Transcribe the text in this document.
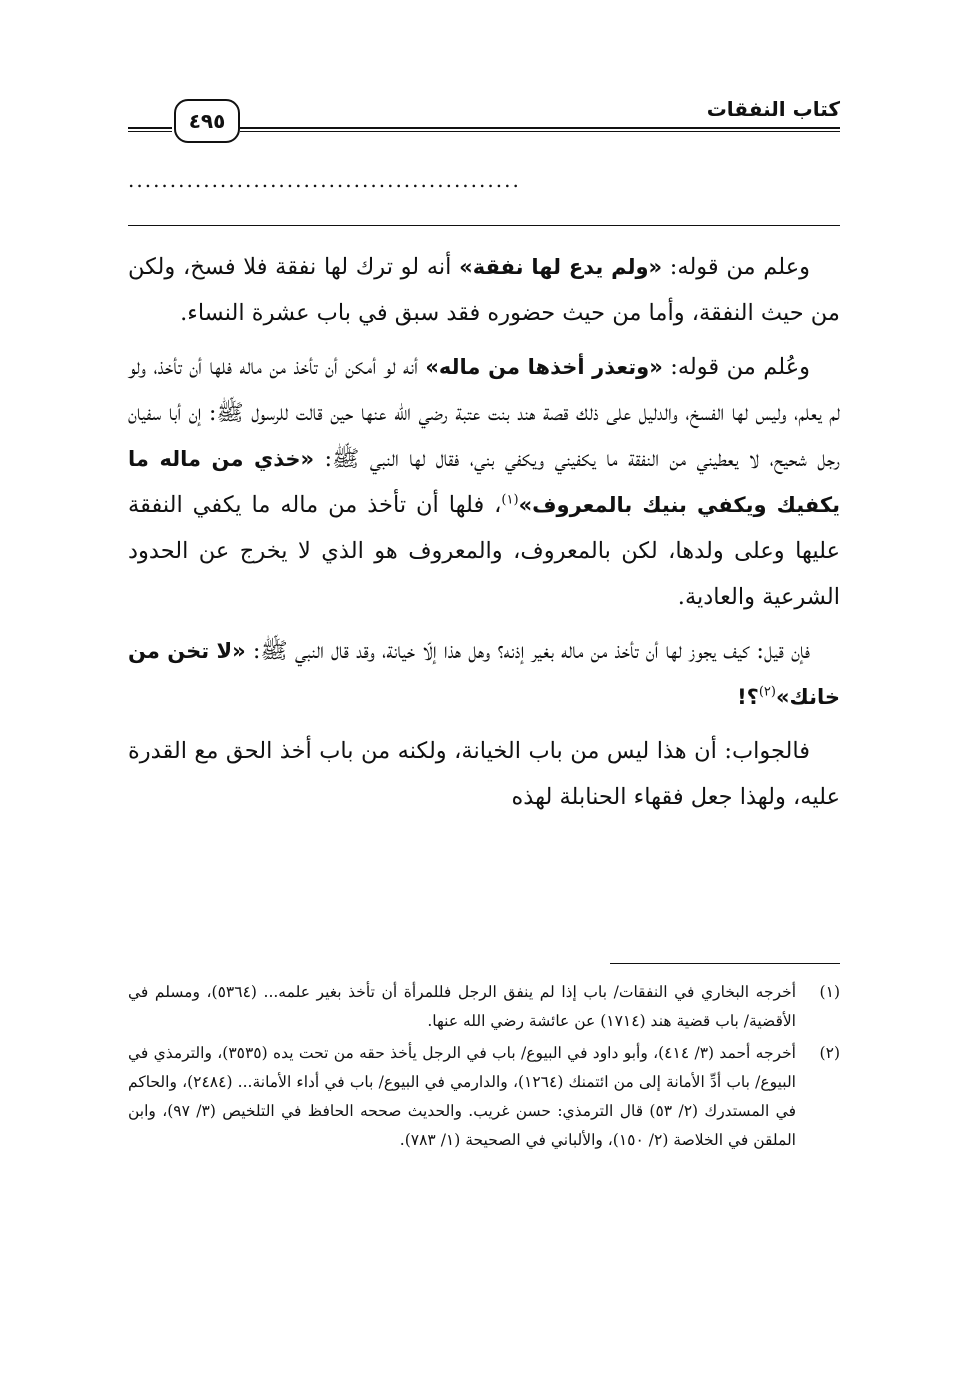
كتاب النفقات
٤٩٥
...............................................

وعلم من قوله: «ولم يدع لها نفقة» أنه لو ترك لها نفقة فلا فسخ، ولكن من حيث النفقة، وأما من حيث حضوره فقد سبق في باب عشرة النساء.

وعُلم من قوله: «وتعذر أخذها من ماله» أنه لو أمكن أن تأخذ من ماله فلها أن تأخذ، ولو لم يعلم، وليس لها الفسخ، والدليل على ذلك قصة هند بنت عتبة رضي الله عنها حين قالت للرسول ﷺ: إن أبا سفيان رجل شحيح، لا يعطيني من النفقة ما يكفيني ويكفي بني، فقال لها النبي ﷺ: «خذي من ماله ما يكفيك ويكفي بنيك بالمعروف»$^{(١)}$، فلها أن تأخذ من ماله ما يكفي النفقة عليها وعلى ولدها، لكن بالمعروف، والمعروف هو الذي لا يخرج عن الحدود الشرعية والعادية.

فإن قيل: كيف يجوز لها أن تأخذ من ماله بغير إذنه؟ وهل هذا إلّا خيانة، وقد قال النبي ﷺ: «لا تخن من خانك»$^{(٢)}$؟!

فالجواب: أن هذا ليس من باب الخيانة، ولكنه من باب أخذ الحق مع القدرة عليه، ولهذا جعل فقهاء الحنابلة لهذه

(١)
أخرجه البخاري في النفقات/ باب إذا لم ينفق الرجل فللمرأة أن تأخذ بغير علمه... (٥٣٦٤)، ومسلم في الأقضية/ باب قضية هند (١٧١٤) عن عائشة رضي الله عنها.
(٢)
أخرجه أحمد (٣/ ٤١٤)، وأبو داود في البيوع/ باب في الرجل يأخذ حقه من تحت يده (٣٥٣٥)، والترمذي في البيوع/ باب أدِّ الأمانة إلى من ائتمنك (١٢٦٤)، والدارمي في البيوع/ باب في أداء الأمانة... (٢٤٨٤)، والحاكم في المستدرك (٢/ ٥٣) قال الترمذي: حسن غريب. والحديث صححه الحافظ في التلخيص (٣/ ٩٧)، وابن الملقن في الخلاصة (٢/ ١٥٠)، والألباني في الصحيحة (١/ ٧٨٣).
